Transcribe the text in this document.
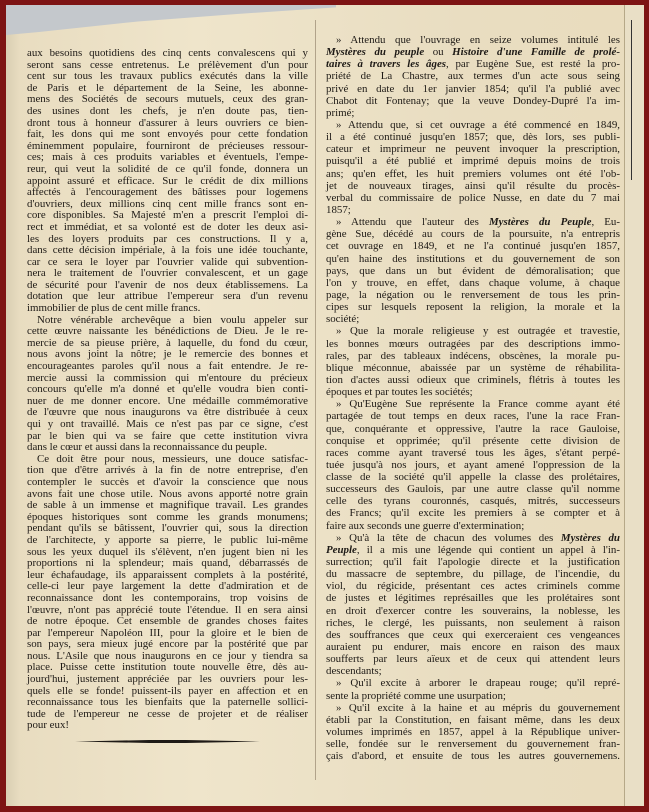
aux besoins quotidiens des cinq cents convalescens qui y
seront sans cesse entretenus. Le prélèvement d'un pour
cent sur tous les travaux publics exécutés dans la ville
de Paris et le département de la Seine, les abonne-
mens des Sociétés de secours mutuels, ceux des gran-
des usines dont les chefs, je n'en doute pas, tien-
dront tous à honneur d'assurer à leurs ouvriers ce bien-
fait, les dons qui me sont envoyés pour cette fondation
éminemment populaire, fourniront de précieuses ressour-
ces; mais à ces produits variables et éventuels, l'empe-
reur, qui veut la solidité de ce qu'il fonde, donnera un
appoint assuré et efficace. Sur le crédit de dix millions
affectés à l'encouragement des bâtisses pour logemens
d'ouvriers, deux millions cinq cent mille francs sont en-
core disponibles. Sa Majesté m'en a prescrit l'emploi di-
rect et immédiat, et sa volonté est de doter les deux asi-
les des loyers produits par ces constructions. Il y a,
dans cette décision impériale, à la fois une idée touchante,
car ce sera le loyer par l'ouvrier valide qui subvention-
nera le traitement de l'ouvrier convalescent, et un gage
de sécurité pour l'avenir de nos deux établissemens. La
dotation que leur attribue l'empereur sera d'un revenu
immobilier de plus de cent mille francs.
Notre vénérable archevêque a bien voulu appeler sur
cette œuvre naissante les bénédictions de Dieu. Je le re-
mercie de sa pieuse prière, à laquelle, du fond du cœur,
nous avons joint la nôtre; je le remercie des bonnes et
encourageantes paroles qu'il nous a fait entendre. Je re-
mercie aussi la commission qui m'entoure du précieux
concours qu'elle m'a donné et qu'elle voudra bien conti-
nuer de me donner encore. Une médaille commémorative
de l'œuvre que nous inaugurons va être distribuée à ceux
qui y ont travaillé. Mais ce n'est pas par ce signe, c'est
par le bien qui va se faire que cette institution vivra
dans le cœur et aussi dans la reconnaissance du peuple.
Ce doit être pour nous, messieurs, une douce satisfac-
tion que d'être arrivés à la fin de notre entreprise, d'en
contempler le succès et d'avoir la conscience que nous
avons fait une chose utile. Nous avons apporté notre grain
de sable à un immense et magnifique travail. Les grandes
époques historiques sont comme les grands monumens;
pendant qu'ils se bâtissent, l'ouvrier qui, sous la direction
de l'architecte, y apporte sa pierre, le public lui-même
sous les yeux duquel ils s'élèvent, n'en jugent bien ni les
proportions ni la splendeur; mais quand, débarrassés de
leur échafaudage, ils apparaissent complets à la postérité,
celle-ci leur paye largement la dette d'admiration et de
reconnaissance dont les contemporains, trop voisins de
l'œuvre, n'ont pas apprécié toute l'étendue. Il en sera ainsi
de notre époque. Cet ensemble de grandes choses faites
par l'empereur Napoléon III, pour la gloire et le bien de
son pays, sera mieux jugé encore par la postérité que par
nous. L'Asile que nous inaugurons en ce jour y tiendra sa
place. Puisse cette institution toute nouvelle être, dès au-
jourd'hui, justement appréciée par les ouvriers pour les-
quels elle se fonde! puissent-ils payer en affection et en
reconnaissance tous les bienfaits que la paternelle sollici-
tude de l'empereur ne cesse de projeter et de réaliser
pour eux!
» Attendu que l'ouvrage en seize volumes intitulé les
Mystères du peuple ou Histoire d'une Famille de prolé-
taires à travers les âges, par Eugène Sue, est resté la pro-
priété de La Chastre, aux termes d'un acte sous seing
privé en date du 1er janvier 1854; qu'il l'a publié avec
Chabot dit Fontenay; que la veuve Dondey-Dupré l'a im-
primé;
» Attendu que, si cet ouvrage a été commencé en 1849,
il a été continué jusqu'en 1857; que, dès lors, ses publi-
cateur et imprimeur ne peuvent invoquer la prescription,
puisqu'il a été publié et imprimé depuis moins de trois
ans; qu'en effet, les huit premiers volumes ont été l'ob-
jet de nouveaux tirages, ainsi qu'il résulte du procès-
verbal du commissaire de police Nusse, en date du 7 mai
1857;
» Attendu que l'auteur des Mystères du Peuple, Eu-
gène Sue, décédé au cours de la poursuite, n'a entrepris
cet ouvrage en 1849, et ne l'a continué jusqu'en 1857,
qu'en haine des institutions et du gouvernement de son
pays, que dans un but évident de démoralisation; que
l'on y trouve, en effet, dans chaque volume, à chaque
page, la négation ou le renversement de tous les prin-
cipes sur lesquels reposent la religion, la morale et la
société;
» Que la morale religieuse y est outragée et travestie,
les bonnes mœurs outragées par des descriptions immo-
rales, par des tableaux indécens, obscènes, la morale pu-
blique méconnue, abaissée par un système de réhabilita-
tion d'actes aussi odieux que criminels, flétris à toutes les
époques et par toutes les sociétés;
» Qu'Eugène Sue représente la France comme ayant été
partagée de tout temps en deux races, l'une la race Fran-
que, conquérante et oppressive, l'autre la race Gauloise,
conquise et opprimée; qu'il présente cette division de
races comme ayant traversé tous les âges, s'étant perpé-
tuée jusqu'à nos jours, et ayant amené l'oppression de la
classe de la société qu'il appelle la classe des prolétaires,
successeurs des Gaulois, par une autre classe qu'il nomme
celle des tyrans couronnés, casqués, mitrés, successeurs
des Francs; qu'il excite les premiers à se compter et à
faire aux seconds une guerre d'extermination;
» Qu'à la tête de chacun des volumes des Mystères du
Peuple, il a mis une légende qui contient un appel à l'in-
surrection; qu'il fait l'apologie directe et la justification
du massacre de septembre, du pillage, de l'incendie, du
viol, du régicide, présentant ces actes criminels comme
de justes et légitimes représailles que les prolétaires sont
en droit d'exercer contre les souverains, la noblesse, les
riches, le clergé, les puissants, non seulement à raison
des souffrances que ceux qui exerceraient ces vengeances
auraient pu endurer, mais encore en raison des maux
soufferts par leurs aïeux et de ceux qui attendent leurs
descendants;
» Qu'il excite à arborer le drapeau rouge; qu'il repré-
sente la propriété comme une usurpation;
» Qu'il excite à la haine et au mépris du gouvernement
établi par la Constitution, en faisant même, dans les deux
volumes imprimés en 1857, appel à la République univer-
selle, fondée sur le renversement du gouvernement fran-
çais d'abord, et ensuite de tous les autres gouvernemens.
